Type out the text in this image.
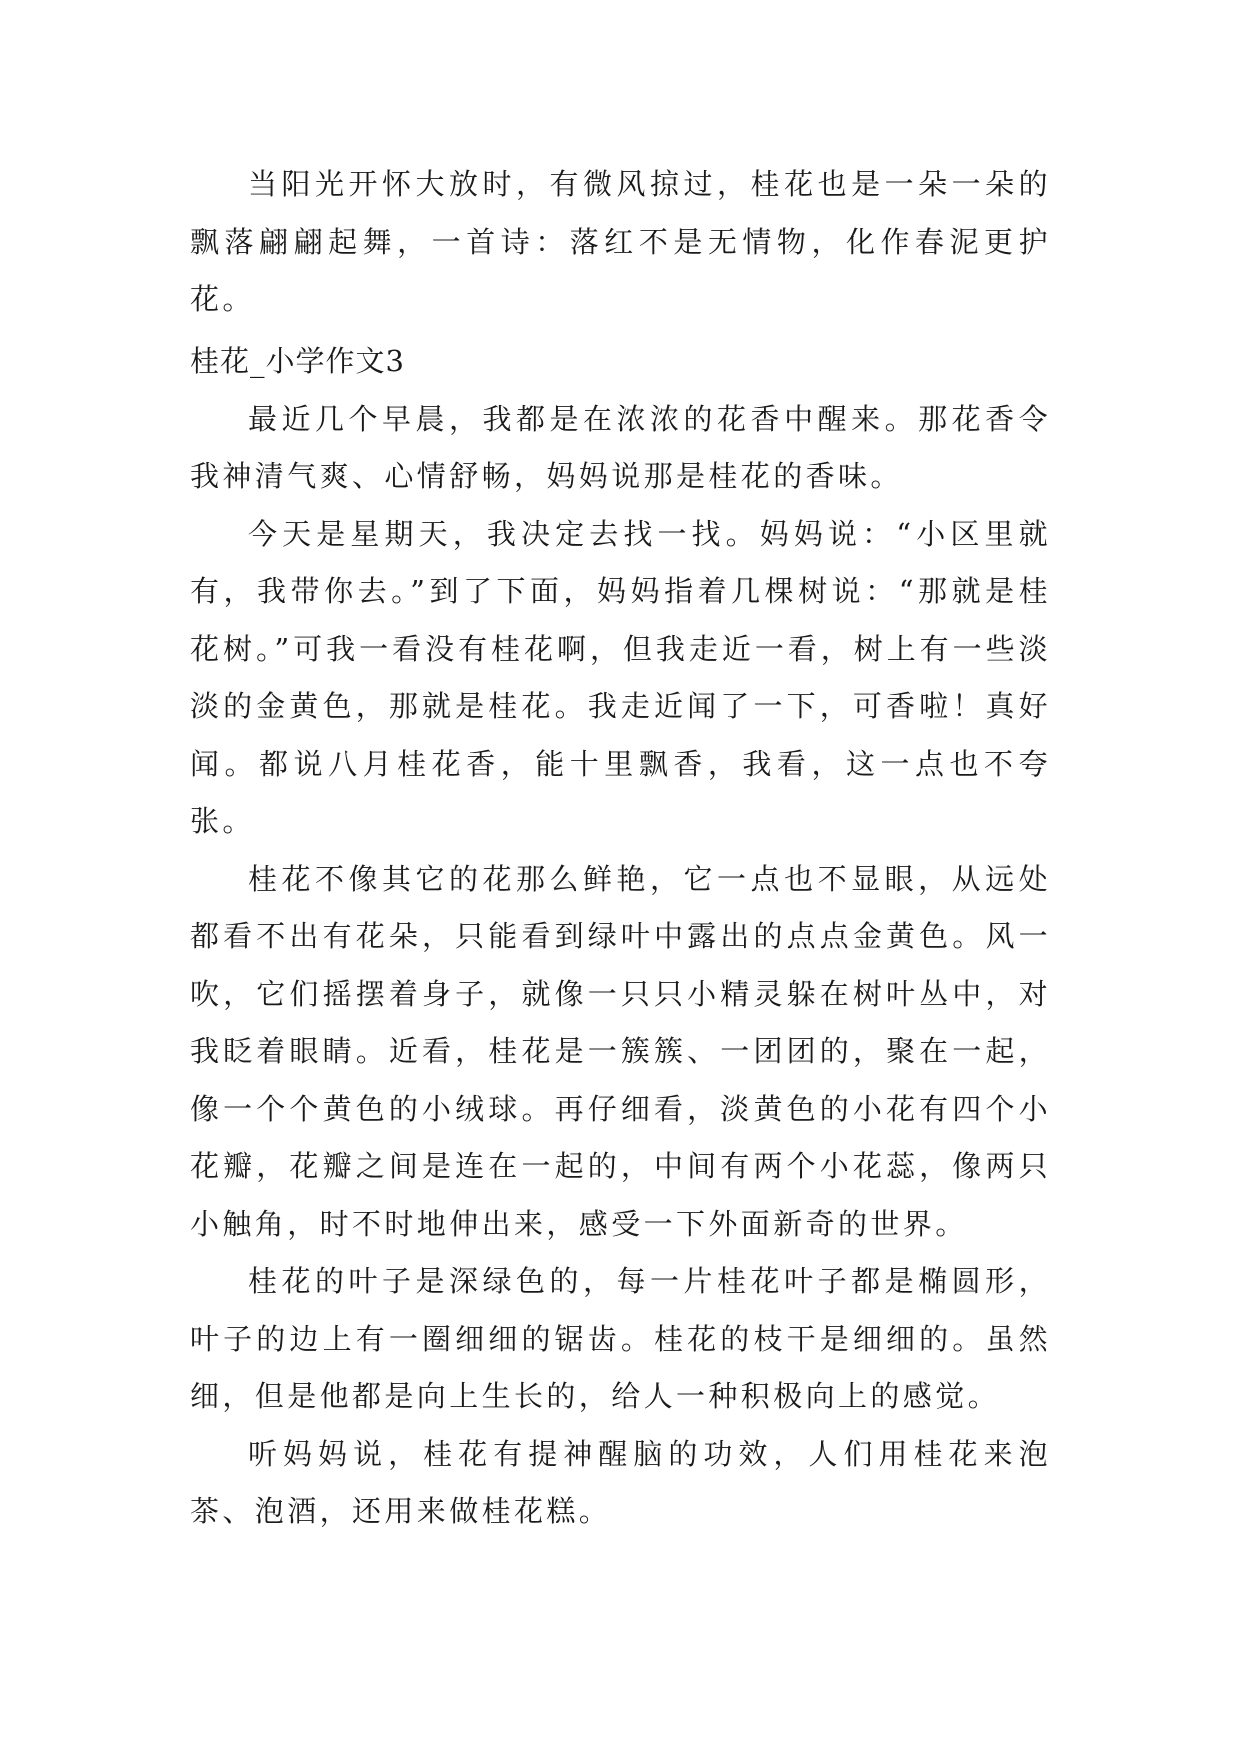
当阳光开怀大放时，有微风掠过，桂花也是一朵一朵的飘落翩翩起舞，一首诗：落红不是无情物，化作春泥更护花。

桂花_小学作文3

最近几个早晨，我都是在浓浓的花香中醒来。那花香令我神清气爽、心情舒畅，妈妈说那是桂花的香味。

今天是星期天，我决定去找一找。妈妈说：“小区里就有，我带你去。”到了下面，妈妈指着几棵树说：“那就是桂花树。”可我一看没有桂花啊，但我走近一看，树上有一些淡淡的金黄色，那就是桂花。我走近闻了一下，可香啦！真好闻。都说八月桂花香，能十里飘香，我看，这一点也不夸张。

桂花不像其它的花那么鲜艳，它一点也不显眼，从远处都看不出有花朵，只能看到绿叶中露出的点点金黄色。风一吹，它们摇摆着身子，就像一只只小精灵躲在树叶丛中，对我眨着眼睛。近看，桂花是一簇簇、一团团的，聚在一起，像一个个黄色的小绒球。再仔细看，淡黄色的小花有四个小花瓣，花瓣之间是连在一起的，中间有两个小花蕊，像两只小触角，时不时地伸出来，感受一下外面新奇的世界。

桂花的叶子是深绿色的，每一片桂花叶子都是椭圆形，叶子的边上有一圈细细的锯齿。桂花的枝干是细细的。虽然细，但是他都是向上生长的，给人一种积极向上的感觉。

听妈妈说，桂花有提神醒脑的功效，人们用桂花来泡茶、泡酒，还用来做桂花糕。
